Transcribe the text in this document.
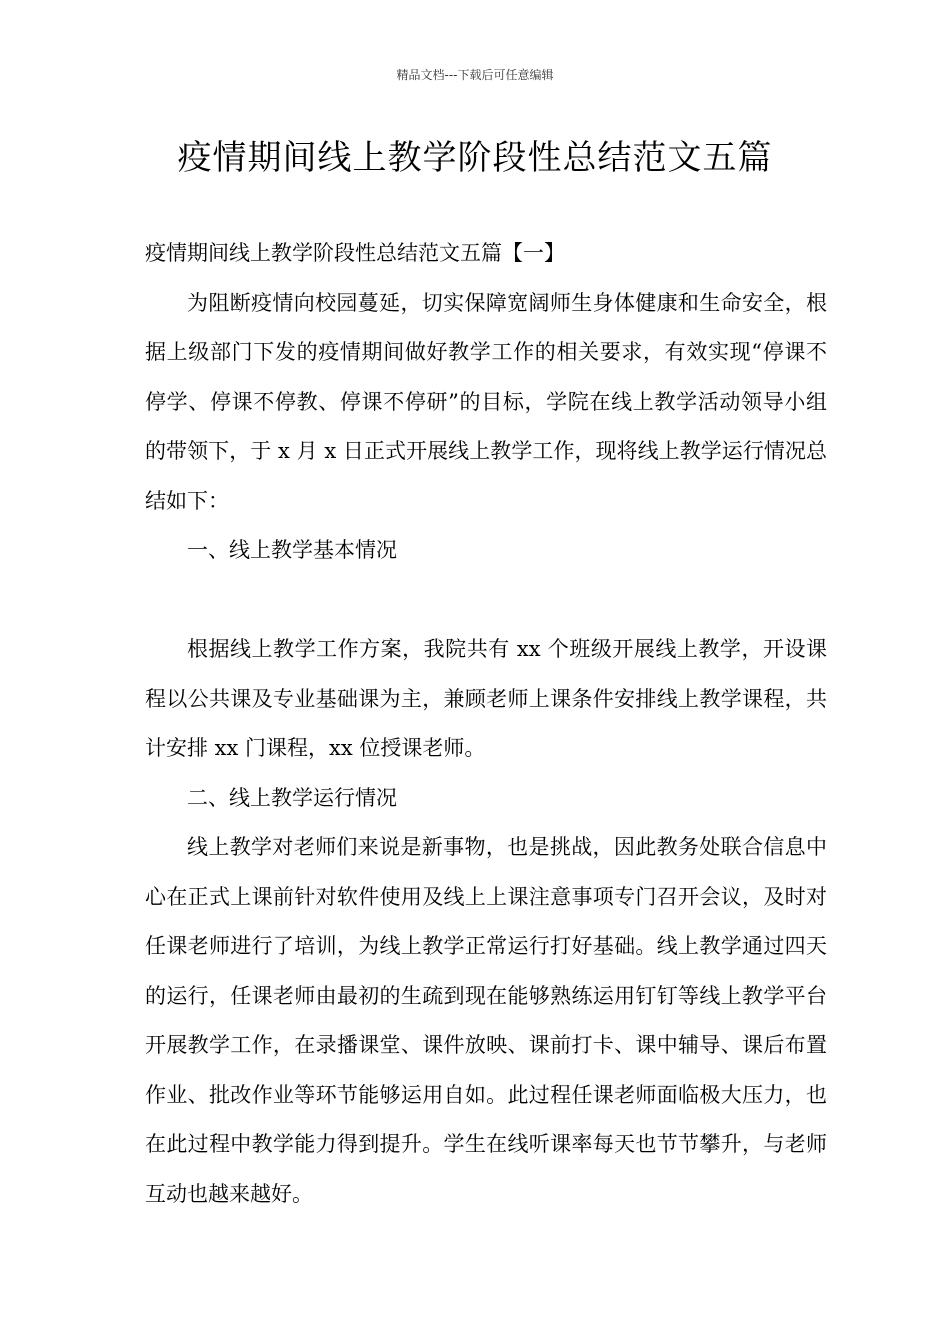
精品文档---下载后可任意编辑
疫情期间线上教学阶段性总结范文五篇

疫情期间线上教学阶段性总结范文五篇【一】

为阻断疫情向校园蔓延，切实保障宽阔师生身体健康和生命安全，根据上级部门下发的疫情期间做好教学工作的相关要求，有效实现“停课不停学、停课不停教、停课不停研”的目标，学院在线上教学活动领导小组的带领下，于 x 月 x 日正式开展线上教学工作，现将线上教学运行情况总结如下：

一、线上教学基本情况

根据线上教学工作方案，我院共有 xx 个班级开展线上教学，开设课程以公共课及专业基础课为主，兼顾老师上课条件安排线上教学课程，共计安排 xx 门课程，xx 位授课老师。

二、线上教学运行情况

线上教学对老师们来说是新事物，也是挑战，因此教务处联合信息中心在正式上课前针对软件使用及线上上课注意事项专门召开会议，及时对任课老师进行了培训，为线上教学正常运行打好基础。线上教学通过四天的运行，任课老师由最初的生疏到现在能够熟练运用钉钉等线上教学平台开展教学工作，在录播课堂、课件放映、课前打卡、课中辅导、课后布置作业、批改作业等环节能够运用自如。此过程任课老师面临极大压力，也在此过程中教学能力得到提升。学生在线听课率每天也节节攀升，与老师互动也越来越好。
